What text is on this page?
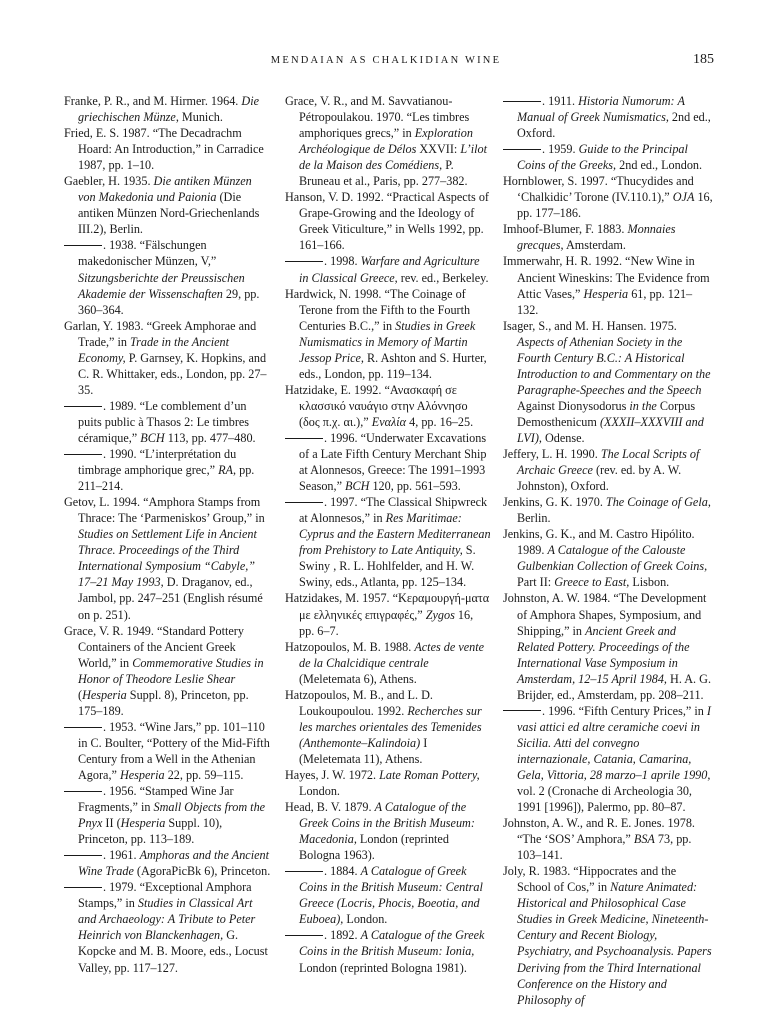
MENDAIAN AS CHALKIDIAN WINE	185

Franke, P. R., and M. Hirmer. 1964. Die griechischen Münze, Munich.

Fried, E. S. 1987. “The Decadrachm Hoard: An Introduction,” in Carradice 1987, pp. 1–10.

Gaebler, H. 1935. Die antiken Münzen von Makedonia und Paionia (Die antiken Münzen Nord-Griechenlands III.2), Berlin.

. 1938. “Fälschungen makedonischer Münzen, V,” Sitzungsberichte der Preussischen Akademie der Wissenschaften 29, pp. 360–364.

Garlan, Y. 1983. “Greek Amphorae and Trade,” in Trade in the Ancient Economy, P. Garnsey, K. Hopkins, and C. R. Whittaker, eds., London, pp. 27–35.

. 1989. “Le comblement d’un puits public à Thasos 2: Le timbres céramique,” BCH 113, pp. 477–480.

. 1990. “L’interprétation du timbrage amphorique grec,” RA, pp. 211–214.

Getov, L. 1994. “Amphora Stamps from Thrace: The ‘Parmeniskos’ Group,” in Studies on Settlement Life in Ancient Thrace. Proceedings of the Third International Symposium “Cabyle,” 17–21 May 1993, D. Draganov, ed., Jambol, pp. 247–251 (English résumé on p. 251).

Grace, V. R. 1949. “Standard Pottery Containers of the Ancient Greek World,” in Commemorative Studies in Honor of Theodore Leslie Shear (Hesperia Suppl. 8), Princeton, pp. 175–189.

. 1953. “Wine Jars,” pp. 101–110 in C. Boulter, “Pottery of the Mid-Fifth Century from a Well in the Athenian Agora,” Hesperia 22, pp. 59–115.

. 1956. “Stamped Wine Jar Fragments,” in Small Objects from the Pnyx II (Hesperia Suppl. 10), Princeton, pp. 113–189.

. 1961. Amphoras and the Ancient Wine Trade (AgoraPicBk 6), Princeton.

. 1979. “Exceptional Amphora Stamps,” in Studies in Classical Art and Archaeology: A Tribute to Peter Heinrich von Blanckenhagen, G. Kopcke and M. B. Moore, eds., Locust Valley, pp. 117–127.

Grace, V. R., and M. Savvatianou-Pétropoulakou. 1970. “Les timbres amphoriques grecs,” in Exploration Archéologique de Délos XXVII: L’ilot de la Maison des Comédiens, P. Bruneau et al., Paris, pp. 277–382.

Hanson, V. D. 1992. “Practical Aspects of Grape-Growing and the Ideology of Greek Viticulture,” in Wells 1992, pp. 161–166.

. 1998. Warfare and Agriculture in Classical Greece, rev. ed., Berkeley.

Hardwick, N. 1998. “The Coinage of Terone from the Fifth to the Fourth Centuries B.C.,” in Studies in Greek Numismatics in Memory of Martin Jessop Price, R. Ashton and S. Hurter, eds., London, pp. 119–134.

Hatzidake, E. 1992. “Ανασκαφή σε κλασσικό ναυάγιο στην Αλόννησο (δος π.χ. αι.),” Εναλία 4, pp. 16–25.

. 1996. “Underwater Excavations of a Late Fifth Century Merchant Ship at Alonnesos, Greece: The 1991–1993 Season,” BCH 120, pp. 561–593.

. 1997. “The Classical Shipwreck at Alonnesos,” in Res Maritimae: Cyprus and the Eastern Mediterranean from Prehistory to Late Antiquity, S. Swiny , R. L. Hohlfelder, and H. W. Swiny, eds., Atlanta, pp. 125–134.

Hatzidakes, M. 1957. “Κεραμουργή-ματα με ελληνικές επιγραφές,” Zygos 16, pp. 6–7.

Hatzopoulos, M. B. 1988. Actes de vente de la Chalcidique centrale (Meletemata 6), Athens.

Hatzopoulos, M. B., and L. D. Loukoupoulou. 1992. Recherches sur les marches orientales des Temenides (Anthemonte–Kalindoia) I (Meletemata 11), Athens.

Hayes, J. W. 1972. Late Roman Pottery, London.

Head, B. V. 1879. A Catalogue of the Greek Coins in the British Museum: Macedonia, London (reprinted Bologna 1963).

. 1884. A Catalogue of Greek Coins in the British Museum: Central Greece (Locris, Phocis, Boeotia, and Euboea), London.

. 1892. A Catalogue of the Greek Coins in the British Museum: Ionia, London (reprinted Bologna 1981).

. 1911. Historia Numorum: A Manual of Greek Numismatics, 2nd ed., Oxford.

. 1959. Guide to the Principal Coins of the Greeks, 2nd ed., London.

Hornblower, S. 1997. “Thucydides and ‘Chalkidic’ Torone (IV.110.1),” OJA 16, pp. 177–186.

Imhoof-Blumer, F. 1883. Monnaies grecques, Amsterdam.

Immerwahr, H. R. 1992. “New Wine in Ancient Wineskins: The Evidence from Attic Vases,” Hesperia 61, pp. 121–132.

Isager, S., and M. H. Hansen. 1975. Aspects of Athenian Society in the Fourth Century B.C.: A Historical Introduction to and Commentary on the Paragraphe-Speeches and the Speech Against Dionysodorus in the Corpus Demosthenicum (XXXII–XXXVIII and LVI), Odense.

Jeffery, L. H. 1990. The Local Scripts of Archaic Greece (rev. ed. by A. W. Johnston), Oxford.

Jenkins, G. K. 1970. The Coinage of Gela, Berlin.

Jenkins, G. K., and M. Castro Hipólito. 1989. A Catalogue of the Calouste Gulbenkian Collection of Greek Coins, Part II: Greece to East, Lisbon.

Johnston, A. W. 1984. “The Development of Amphora Shapes, Symposium, and Shipping,” in Ancient Greek and Related Pottery. Proceedings of the International Vase Symposium in Amsterdam, 12–15 April 1984, H. A. G. Brijder, ed., Amsterdam, pp. 208–211.

. 1996. “Fifth Century Prices,” in I vasi attici ed altre ceramiche coevi in Sicilia. Atti del convegno internazionale, Catania, Camarina, Gela, Vittoria, 28 marzo–1 aprile 1990, vol. 2 (Cronache di Archeologia 30, 1991 [1996]), Palermo, pp. 80–87.

Johnston, A. W., and R. E. Jones. 1978. “The ‘SOS’ Amphora,” BSA 73, pp. 103–141.

Joly, R. 1983. “Hippocrates and the School of Cos,” in Nature Animated: Historical and Philosophical Case Studies in Greek Medicine, Nineteenth-Century and Recent Biology, Psychiatry, and Psychoanalysis. Papers Deriving from the Third International Conference on the History and Philosophy of
